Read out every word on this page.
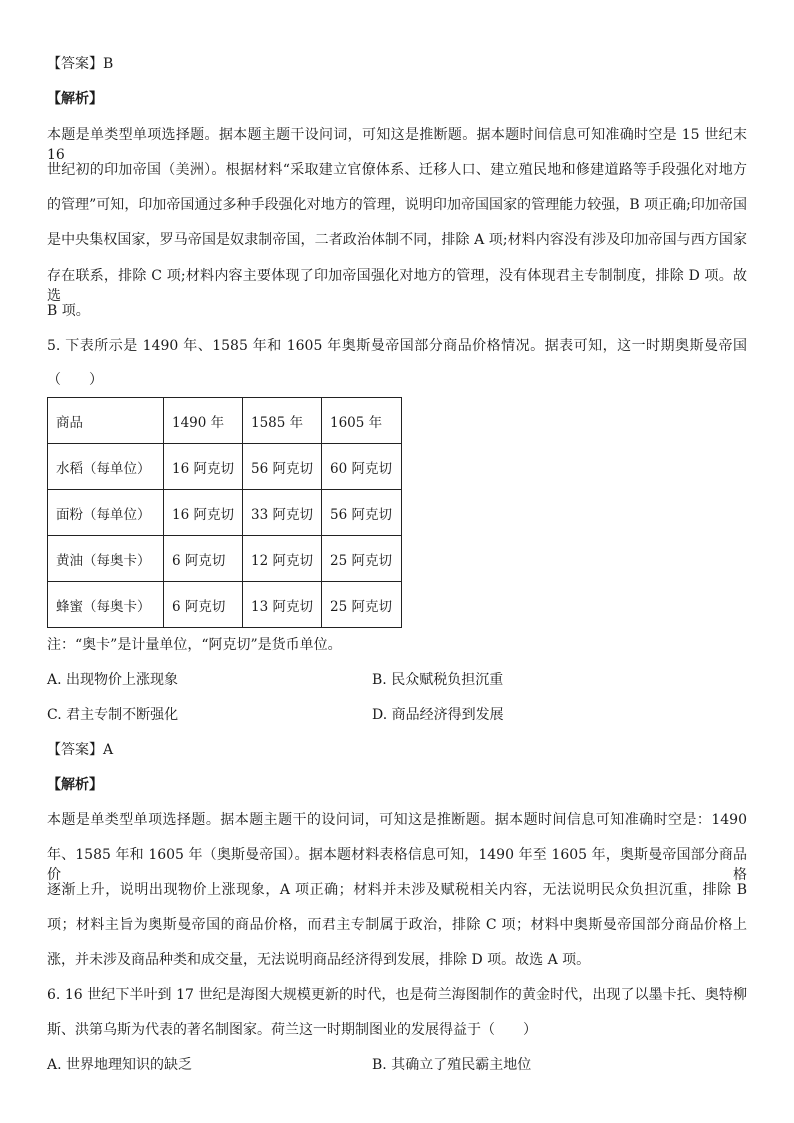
【答案】B
【解析】
本题是单类型单项选择题。据本题主题干设问词，可知这是推断题。据本题时间信息可知准确时空是 15 世纪末 16
世纪初的印加帝国（美洲）。根据材料“采取建立官僚体系、迁移人口、建立殖民地和修建道路等手段强化对地方
的管理”可知，印加帝国通过多种手段强化对地方的管理，说明印加帝国国家的管理能力较强，B 项正确;印加帝国
是中央集权国家，罗马帝国是奴隶制帝国，二者政治体制不同，排除 A 项;材料内容没有涉及印加帝国与西方国家
存在联系，排除 C 项;材料内容主要体现了印加帝国强化对地方的管理，没有体现君主专制制度，排除 D 项。故选
B 项。
5. 下表所示是 1490 年、1585 年和 1605 年奥斯曼帝国部分商品价格情况。据表可知，这一时期奥斯曼帝国
（　　）
商品	1490 年	1585 年	1605 年
水稻（每单位）	16 阿克切	56 阿克切	60 阿克切
面粉（每单位）	16 阿克切	33 阿克切	56 阿克切
黄油（每奥卡）	6 阿克切	12 阿克切	25 阿克切
蜂蜜（每奥卡）	6 阿克切	13 阿克切	25 阿克切
注：“奥卡”是计量单位，“阿克切”是货币单位。
A. 出现物价上涨现象	B. 民众赋税负担沉重
C. 君主专制不断强化	D. 商品经济得到发展
【答案】A
【解析】
本题是单类型单项选择题。据本题主题干的设问词，可知这是推断题。据本题时间信息可知准确时空是：1490
年、1585 年和 1605 年（奥斯曼帝国）。据本题材料表格信息可知，1490 年至 1605 年，奥斯曼帝国部分商品价格
逐渐上升，说明出现物价上涨现象，A 项正确；材料并未涉及赋税相关内容，无法说明民众负担沉重，排除 B
项；材料主旨为奥斯曼帝国的商品价格，而君主专制属于政治，排除 C 项；材料中奥斯曼帝国部分商品价格上
涨，并未涉及商品种类和成交量，无法说明商品经济得到发展，排除 D 项。故选 A 项。
6. 16 世纪下半叶到 17 世纪是海图大规模更新的时代，也是荷兰海图制作的黄金时代，出现了以墨卡托、奥特柳
斯、洪第乌斯为代表的著名制图家。荷兰这一时期制图业的发展得益于（　　）
A. 世界地理知识的缺乏	B. 其确立了殖民霸主地位
